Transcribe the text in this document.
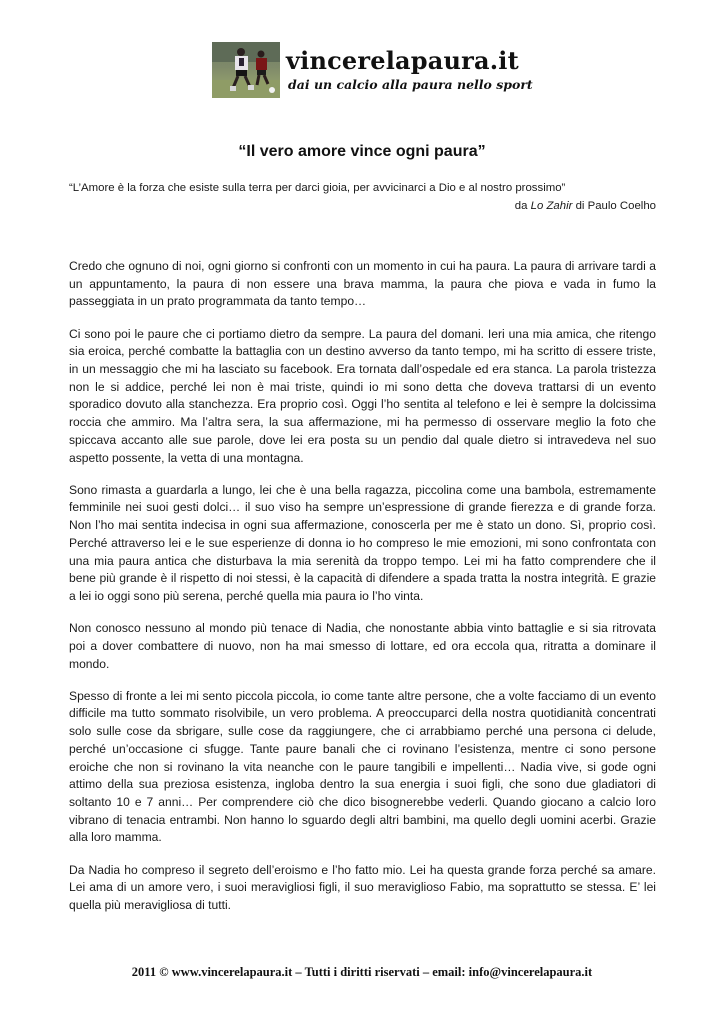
vincerelapaura.it
dai un calcio alla paura nello sport
“Il vero amore vince ogni paura”
“L’Amore è la forza che esiste sulla terra per darci gioia, per avvicinarci a Dio e al nostro prossimo”
da Lo Zahir di Paulo Coelho

Credo che ognuno di noi, ogni giorno si confronti con un momento in cui ha paura. La paura di arrivare tardi a un appuntamento, la paura di non essere una brava mamma, la paura che piova e vada in fumo la passeggiata in un prato programmata da tanto tempo…

Ci sono poi le paure che ci portiamo dietro da sempre. La paura del domani. Ieri una mia amica, che ritengo sia eroica, perché combatte la battaglia con un destino avverso da tanto tempo, mi ha scritto di essere triste, in un messaggio che mi ha lasciato su facebook. Era tornata dall’ospedale ed era stanca. La parola tristezza non le si addice, perché lei non è mai triste, quindi io mi sono detta che doveva trattarsi di un evento sporadico dovuto alla stanchezza. Era proprio così. Oggi l’ho sentita al telefono e lei è sempre la dolcissima roccia che ammiro. Ma l’altra sera, la sua affermazione, mi ha permesso di osservare meglio la foto che spiccava accanto alle sue parole, dove lei era posta su un pendio dal quale dietro si intravedeva nel suo aspetto possente, la vetta di una montagna.

Sono rimasta a guardarla a lungo, lei che è una bella ragazza, piccolina come una bambola, estremamente femminile nei suoi gesti dolci… il suo viso ha sempre un’espressione di grande fierezza e di grande forza. Non l’ho mai sentita indecisa in ogni sua affermazione, conoscerla per me è stato un dono. Sì, proprio così. Perché attraverso lei e le sue esperienze di donna io ho compreso le mie emozioni, mi sono confrontata con una mia paura antica che disturbava la mia serenità da troppo tempo. Lei mi ha fatto comprendere che il bene più grande è il rispetto di noi stessi, è la capacità di difendere a spada tratta la nostra integrità. E grazie a lei io oggi sono più serena, perché quella mia paura io l’ho vinta.

Non conosco nessuno al mondo più tenace di Nadia, che nonostante abbia vinto battaglie e si sia ritrovata poi a dover combattere di nuovo, non ha mai smesso di lottare, ed ora eccola qua, ritratta a dominare il mondo.

Spesso di fronte a lei mi sento piccola piccola, io come tante altre persone, che a volte facciamo di un evento difficile ma tutto sommato risolvibile, un vero problema. A preoccuparci della nostra quotidianità concentrati solo sulle cose da sbrigare, sulle cose da raggiungere, che ci arrabbiamo perché una persona ci delude, perché un’occasione ci sfugge. Tante paure banali che ci rovinano l’esistenza, mentre ci sono persone eroiche che non si rovinano la vita neanche con le paure tangibili e impellenti… Nadia vive, si gode ogni attimo della sua preziosa esistenza, ingloba dentro la sua energia i suoi figli, che sono due gladiatori di soltanto 10 e 7 anni… Per comprendere ciò che dico bisognerebbe vederli. Quando giocano a calcio loro vibrano di tenacia entrambi. Non hanno lo sguardo degli altri bambini, ma quello degli uomini acerbi. Grazie alla loro mamma.

Da Nadia ho compreso il segreto dell’eroismo e l’ho fatto mio. Lei ha questa grande forza perché sa amare. Lei ama di un amore vero, i suoi meravigliosi figli, il suo meraviglioso Fabio, ma soprattutto se stessa. E’ lei quella più meravigliosa di tutti.

2011 © www.vincerelapaura.it – Tutti i diritti riservati – email: info@vincerelapaura.it
